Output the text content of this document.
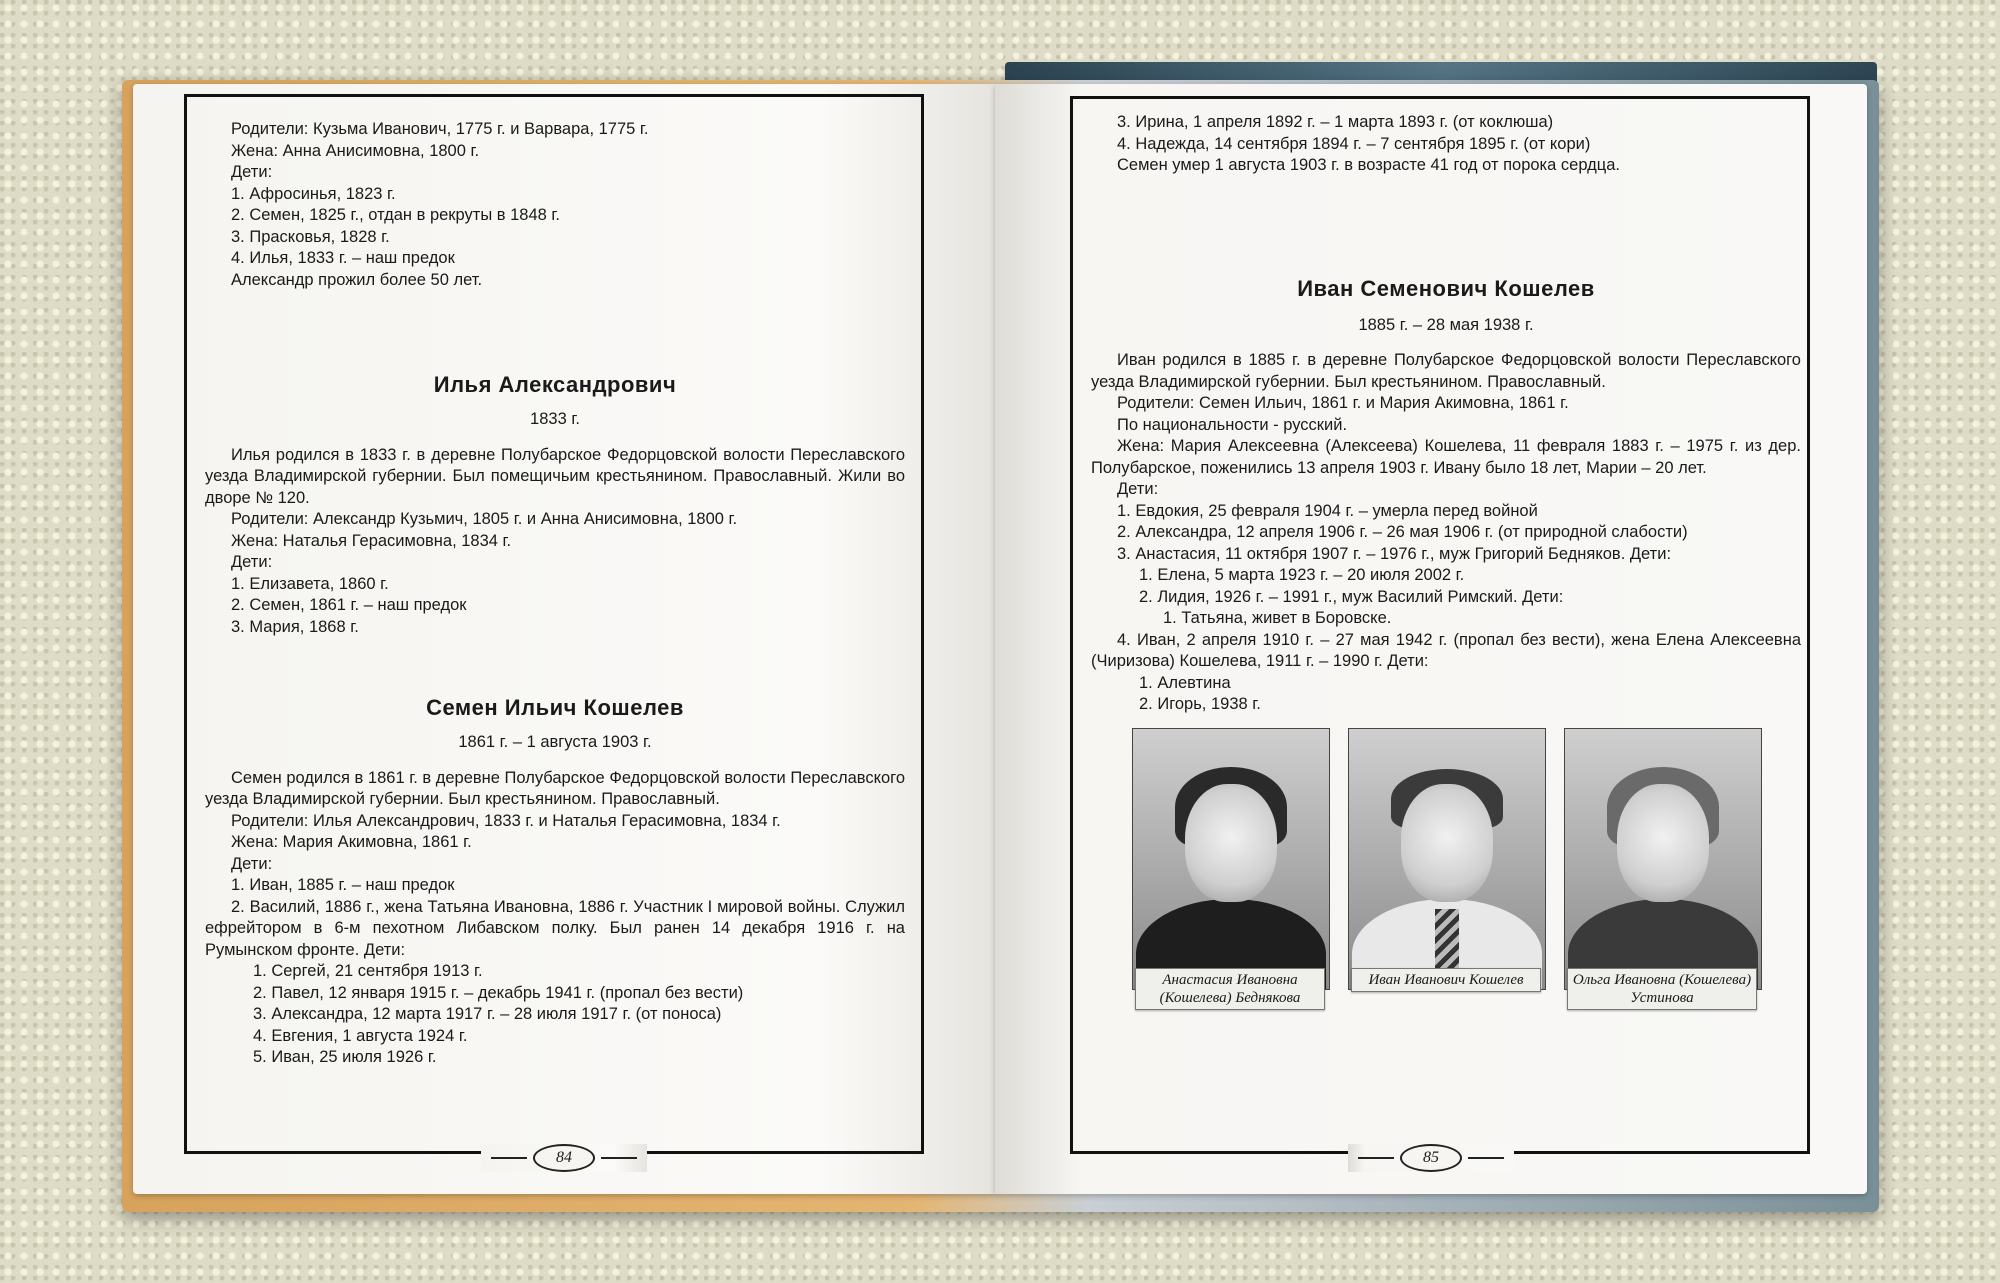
Родители: Кузьма Иванович, 1775 г. и Варвара, 1775 г.
Жена: Анна Анисимовна, 1800 г.
Дети:
1. Афросинья, 1823 г.
2. Семен, 1825 г., отдан в рекруты в 1848 г.
3. Прасковья, 1828 г.
4. Илья, 1833 г. – наш предок
Александр прожил более 50 лет.
Илья Александрович
1833 г.
Илья родился в 1833 г. в деревне Полубарское Федорцовской волости Переславского уезда Владимирской губернии. Был помещичьим крестьянином. Православный. Жили во дворе № 120.
Родители: Александр Кузьмич, 1805 г. и Анна Анисимовна, 1800 г.
Жена: Наталья Герасимовна, 1834 г.
Дети:
1. Елизавета, 1860 г.
2. Семен, 1861 г. – наш предок
3. Мария, 1868 г.
Семен Ильич Кошелев
1861 г. – 1 августа 1903 г.
Семен родился в 1861 г. в деревне Полубарское Федорцовской волости Переславского уезда Владимирской губернии. Был крестьянином. Православный.
Родители: Илья Александрович, 1833 г. и Наталья Герасимовна, 1834 г.
Жена: Мария Акимовна, 1861 г.
Дети:
1. Иван, 1885 г. – наш предок
2. Василий, 1886 г., жена Татьяна Ивановна, 1886 г. Участник I мировой войны. Служил ефрейтором в 6-м пехотном Либавском полку. Был ранен 14 декабря 1916 г. на Румынском фронте. Дети:
1. Сергей, 21 сентября 1913 г.
2. Павел, 12 января 1915 г. – декабрь 1941 г. (пропал без вести)
3. Александра, 12 марта 1917 г. – 28 июля 1917 г. (от поноса)
4. Евгения, 1 августа 1924 г.
5. Иван, 25 июля 1926 г.
84
3. Ирина, 1 апреля 1892 г. – 1 марта 1893 г. (от коклюша)
4. Надежда, 14 сентября 1894 г. – 7 сентября 1895 г. (от кори)
Семен умер 1 августа 1903 г. в возрасте 41 год от порока сердца.
Иван Семенович Кошелев
1885 г. – 28 мая 1938 г.
Иван родился в 1885 г. в деревне Полубарское Федорцовской волости Переславского уезда Владимирской губернии. Был крестьянином. Православный.
Родители: Семен Ильич, 1861 г. и Мария Акимовна, 1861 г.
По национальности - русский.
Жена: Мария Алексеевна (Алексеева) Кошелева, 11 февраля 1883 г. – 1975 г. из дер. Полубарское, поженились 13 апреля 1903 г. Ивану было 18 лет, Марии – 20 лет.
Дети:
1. Евдокия, 25 февраля 1904 г. – умерла перед войной
2. Александра, 12 апреля 1906 г. – 26 мая 1906 г. (от природной слабости)
3. Анастасия, 11 октября 1907 г. – 1976 г., муж Григорий Бедняков. Дети:
1. Елена, 5 марта 1923 г. – 20 июля 2002 г.
2. Лидия, 1926 г. – 1991 г., муж Василий Римский. Дети:
1. Татьяна, живет в Боровске.
4. Иван, 2 апреля 1910 г. – 27 мая 1942 г. (пропал без вести), жена Елена Алексеевна (Чиризова) Кошелева, 1911 г. – 1990 г. Дети:
1. Алевтина
2. Игорь, 1938 г.
Анастасия Ивановна (Кошелева) Беднякова
Иван Иванович Кошелев	Ольга Ивановна (Кошелева) Устинова
85
